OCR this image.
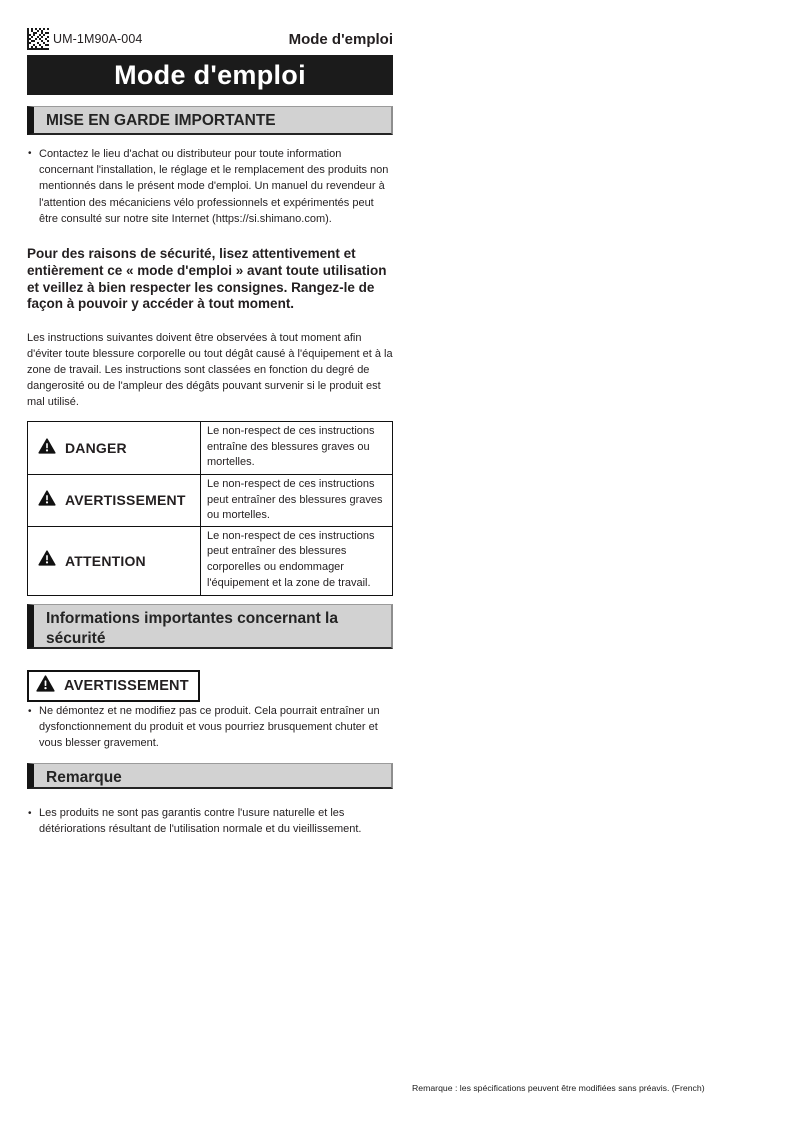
UM-1M90A-004	Mode d'emploi
Mode d'emploi
MISE EN GARDE IMPORTANTE
• Contactez le lieu d'achat ou distributeur pour toute information concernant l'installation, le réglage et le remplacement des produits non mentionnés dans le présent mode d'emploi. Un manuel du revendeur à l'attention des mécaniciens vélo professionnels et expérimentés peut être consulté sur notre site Internet (https://si.shimano.com).
Pour des raisons de sécurité, lisez attentivement et entièrement ce « mode d'emploi » avant toute utilisation et veillez à bien respecter les consignes. Rangez-le de façon à pouvoir y accéder à tout moment.
Les instructions suivantes doivent être observées à tout moment afin d'éviter toute blessure corporelle ou tout dégât causé à l'équipement et à la zone de travail. Les instructions sont classées en fonction du degré de dangerosité ou de l'ampleur des dégâts pouvant survenir si le produit est mal utilisé.
DANGER	Le non-respect de ces instructions entraîne des blessures graves ou mortelles.

AVERTISSEMENT	Le non-respect de ces instructions peut entraîner des blessures graves ou mortelles.

ATTENTION	Le non-respect de ces instructions peut entraîner des blessures corporelles ou endommager l'équipement et la zone de travail.
Informations importantes concernant la sécurité
AVERTISSEMENT
• Ne démontez et ne modifiez pas ce produit. Cela pourrait entraîner un dysfonctionnement du produit et vous pourriez brusquement chuter et vous blesser gravement.
Remarque
• Les produits ne sont pas garantis contre l'usure naturelle et les détériorations résultant de l'utilisation normale et du vieillissement.
Remarque : les spécifications peuvent être modifiées sans préavis. (French)
